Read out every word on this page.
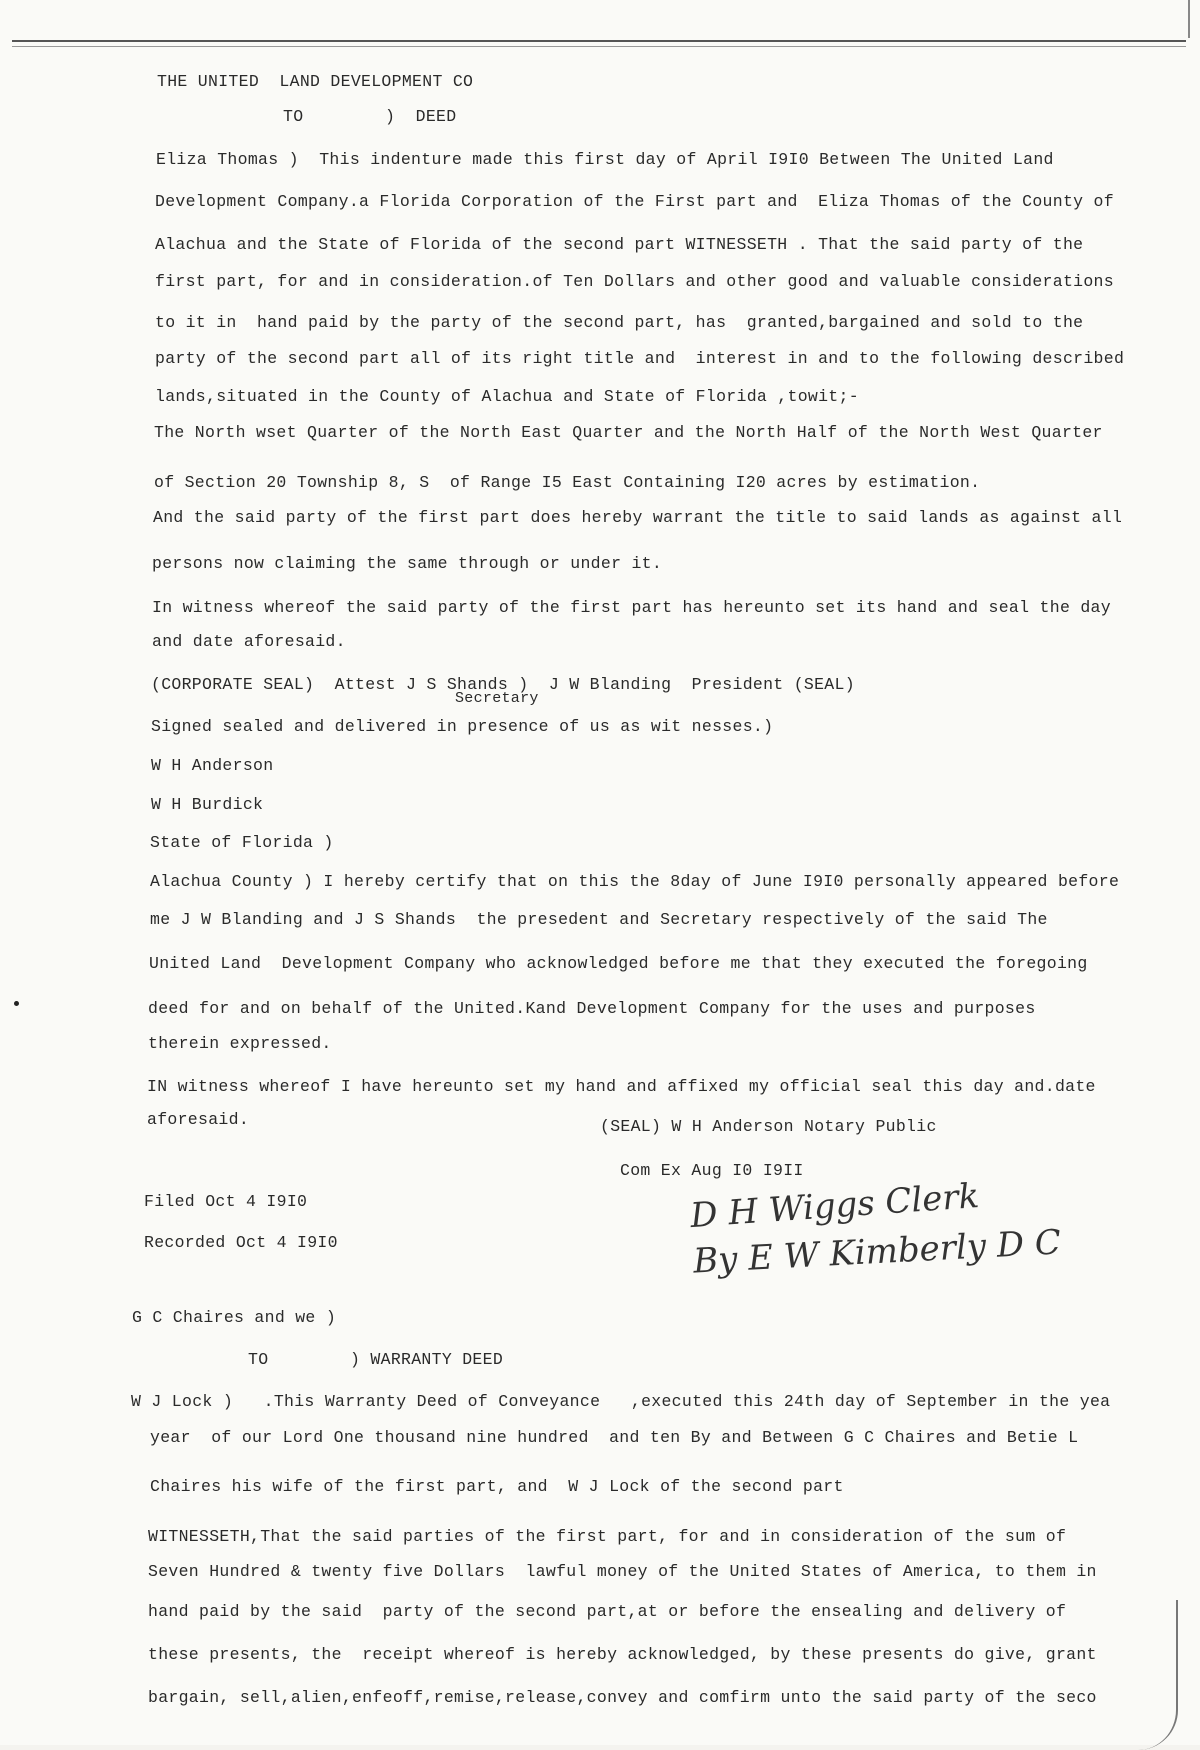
THE UNITED  LAND DEVELOPMENT CO
TO        )  DEED
Eliza Thomas )  This indenture made this first day of April I9I0 Between The United Land
Development Company.a Florida Corporation of the First part and  Eliza Thomas of the County of
Alachua and the State of Florida of the second part WITNESSETH . That the said party of the
first part, for and in consideration.of Ten Dollars and other good and valuable considerations
to it in  hand paid by the party of the second part, has  granted,bargained and sold to the
party of the second part all of its right title and  interest in and to the following described
lands,situated in the County of Alachua and State of Florida ,towit;-
The North wset Quarter of the North East Quarter and the North Half of the North West Quarter
of Section 20 Township 8, S  of Range I5 East Containing I20 acres by estimation.
And the said party of the first part does hereby warrant the title to said lands as against all
persons now claiming the same through or under it.
In witness whereof the said party of the first part has hereunto set its hand and seal the day
and date aforesaid.
(CORPORATE SEAL)  Attest J S Shands )  J W Blanding  President (SEAL)
Secretary
Signed sealed and delivered in presence of us as wit nesses.)
W H Anderson
W H Burdick
State of Florida )
Alachua County ) I hereby certify that on this the 8day of June I9I0 personally appeared before
me J W Blanding and J S Shands  the presedent and Secretary respectively of the said The
United Land  Development Company who acknowledged before me that they executed the foregoing
deed for and on behalf of the United.Kand Development Company for the uses and purposes
therein expressed.
IN witness whereof I have hereunto set my hand and affixed my official seal this day and.date
aforesaid.	(SEAL) W H Anderson Notary Public
Com Ex Aug I0 I9II
Filed Oct 4 I9I0
Recorded Oct 4 I9I0
D H Wiggs Clerk
By E W Kimberly D C
G C Chaires and we )
TO        ) WARRANTY DEED
W J Lock )   .This Warranty Deed of Conveyance   ,executed this 24th day of September in the yea
year  of our Lord One thousand nine hundred  and ten By and Between G C Chaires and Betie L
Chaires his wife of the first part, and  W J Lock of the second part
WITNESSETH,That the said parties of the first part, for and in consideration of the sum of
Seven Hundred & twenty five Dollars  lawful money of the United States of America, to them in
hand paid by the said  party of the second part,at or before the ensealing and delivery of
these presents, the  receipt whereof is hereby acknowledged, by these presents do give, grant
bargain, sell,alien,enfeoff,remise,release,convey and comfirm unto the said party of the seco
